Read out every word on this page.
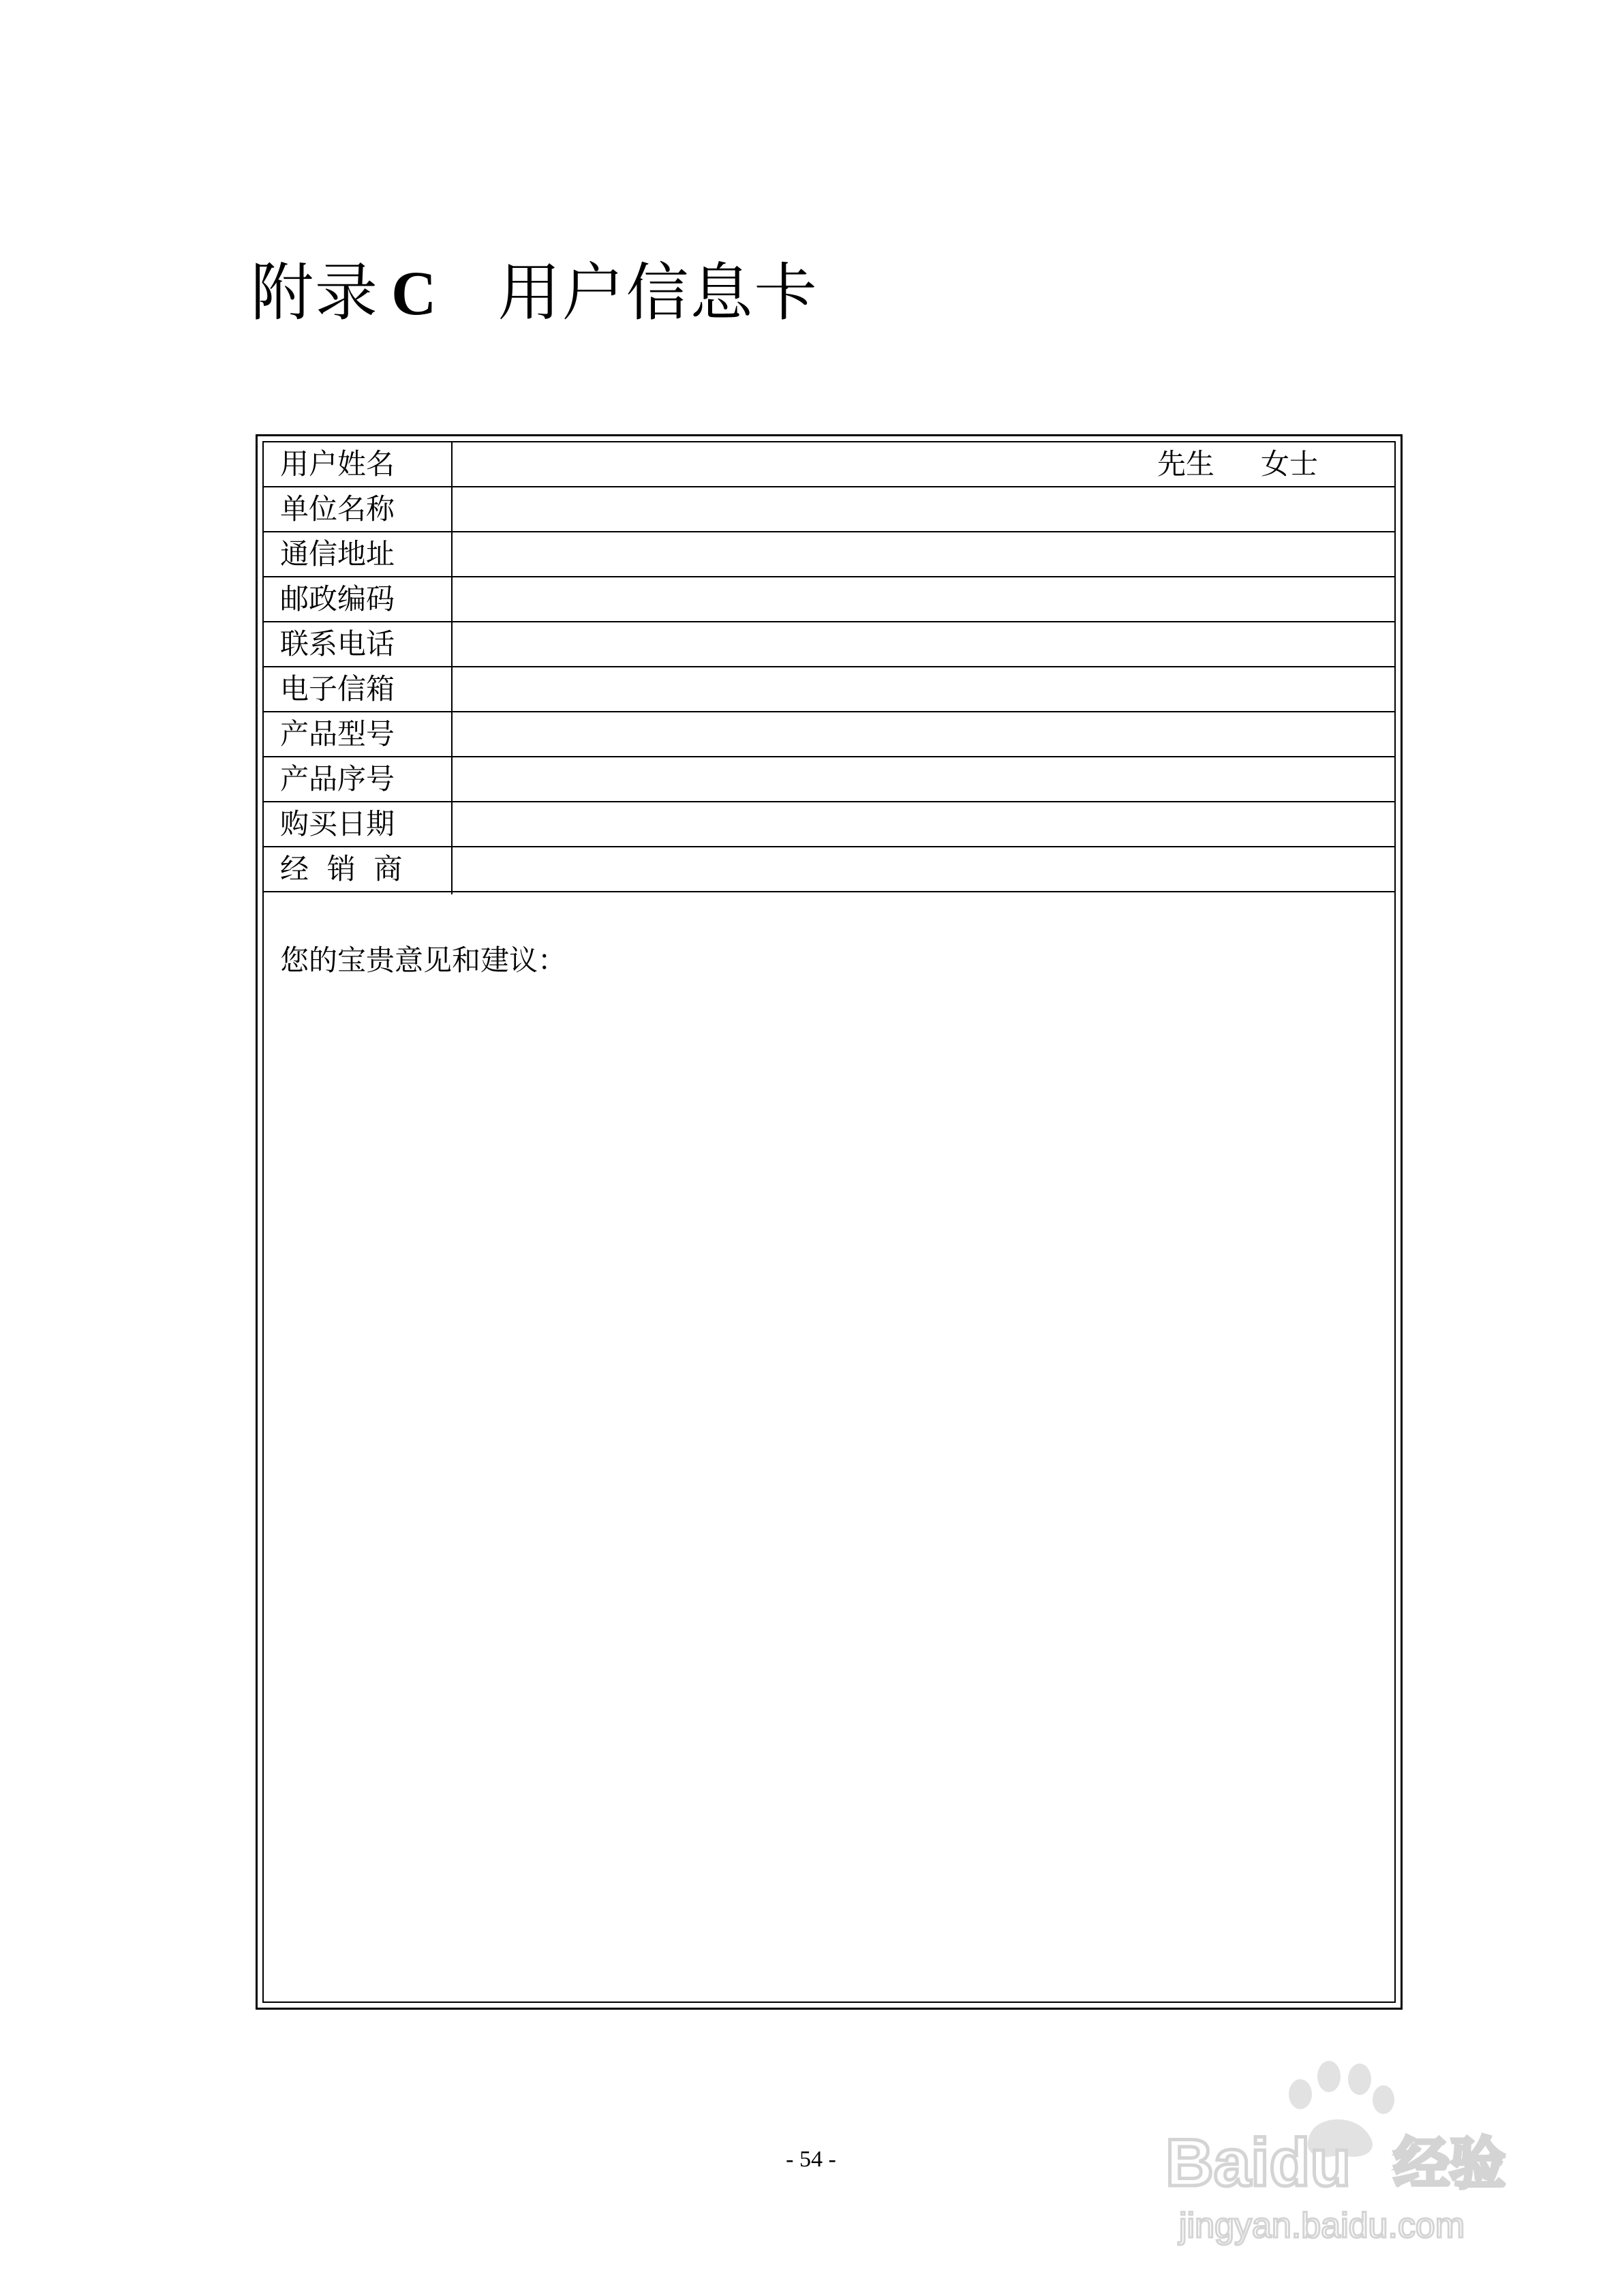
附录 C 用户信息卡
用户姓名	先生 女士
单位名称
通信地址
邮政编码
联系电话
电子信箱
产品型号
产品序号
购买日期
经  销  商
您的宝贵意见和建议：
- 54 -	Baidu 经验
jingyan.baidu.com
